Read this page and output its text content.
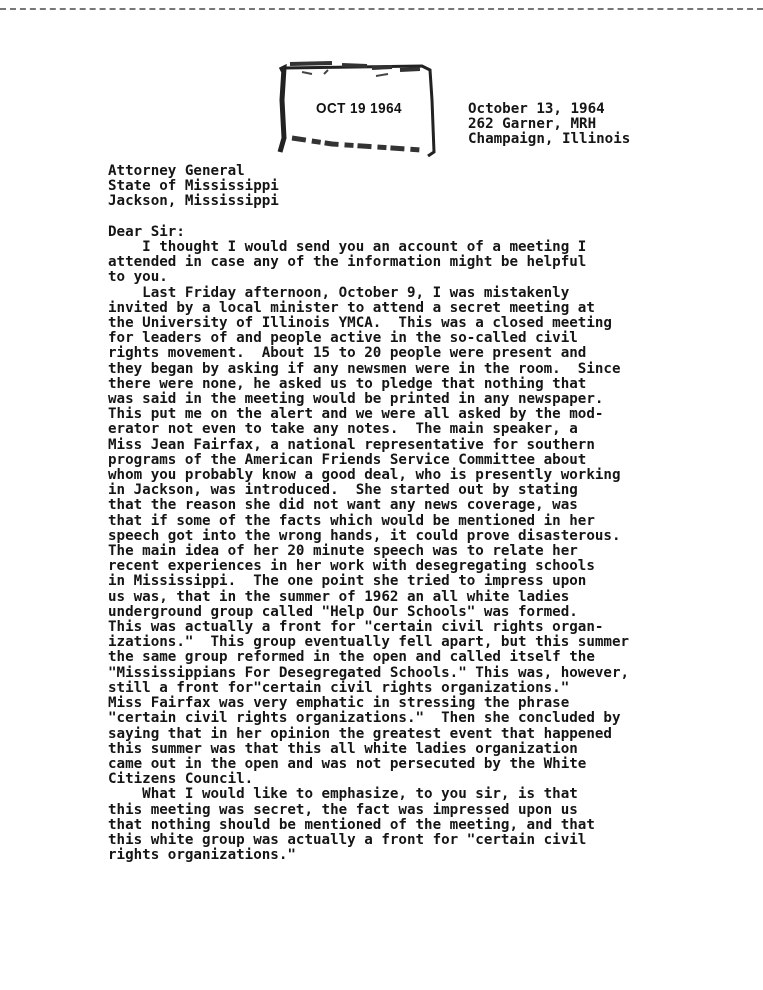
OCT 19 1964	October 13, 1964
262 Garner, MRH
Champaign, Illinois

Attorney General
State of Mississippi
Jackson, Mississippi

Dear Sir:
I thought I would send you an account of a meeting I
attended in case any of the information might be helpful
to you.
Last Friday afternoon, October 9, I was mistakenly
invited by a local minister to attend a secret meeting at
the University of Illinois YMCA.  This was a closed meeting
for leaders of and people active in the so-called civil
rights movement.  About 15 to 20 people were present and
they began by asking if any newsmen were in the room.  Since
there were none, he asked us to pledge that nothing that
was said in the meeting would be printed in any newspaper.
This put me on the alert and we were all asked by the mod-
erator not even to take any notes.  The main speaker, a
Miss Jean Fairfax, a national representative for southern
programs of the American Friends Service Committee about
whom you probably know a good deal, who is presently working
in Jackson, was introduced.  She started out by stating
that the reason she did not want any news coverage, was
that if some of the facts which would be mentioned in her
speech got into the wrong hands, it could prove disasterous.
The main idea of her 20 minute speech was to relate her
recent experiences in her work with desegregating schools
in Mississippi.  The one point she tried to impress upon
us was, that in the summer of 1962 an all white ladies
underground group called "Help Our Schools" was formed.
This was actually a front for "certain civil rights organ-
izations."  This group eventually fell apart, but this summer
the same group reformed in the open and called itself the
"Mississippians For Desegregated Schools." This was, however,
still a front for"certain civil rights organizations."
Miss Fairfax was very emphatic in stressing the phrase
"certain civil rights organizations."  Then she concluded by
saying that in her opinion the greatest event that happened
this summer was that this all white ladies organization
came out in the open and was not persecuted by the White
Citizens Council.
What I would like to emphasize, to you sir, is that
this meeting was secret, the fact was impressed upon us
that nothing should be mentioned of the meeting, and that
this white group was actually a front for "certain civil
rights organizations."
